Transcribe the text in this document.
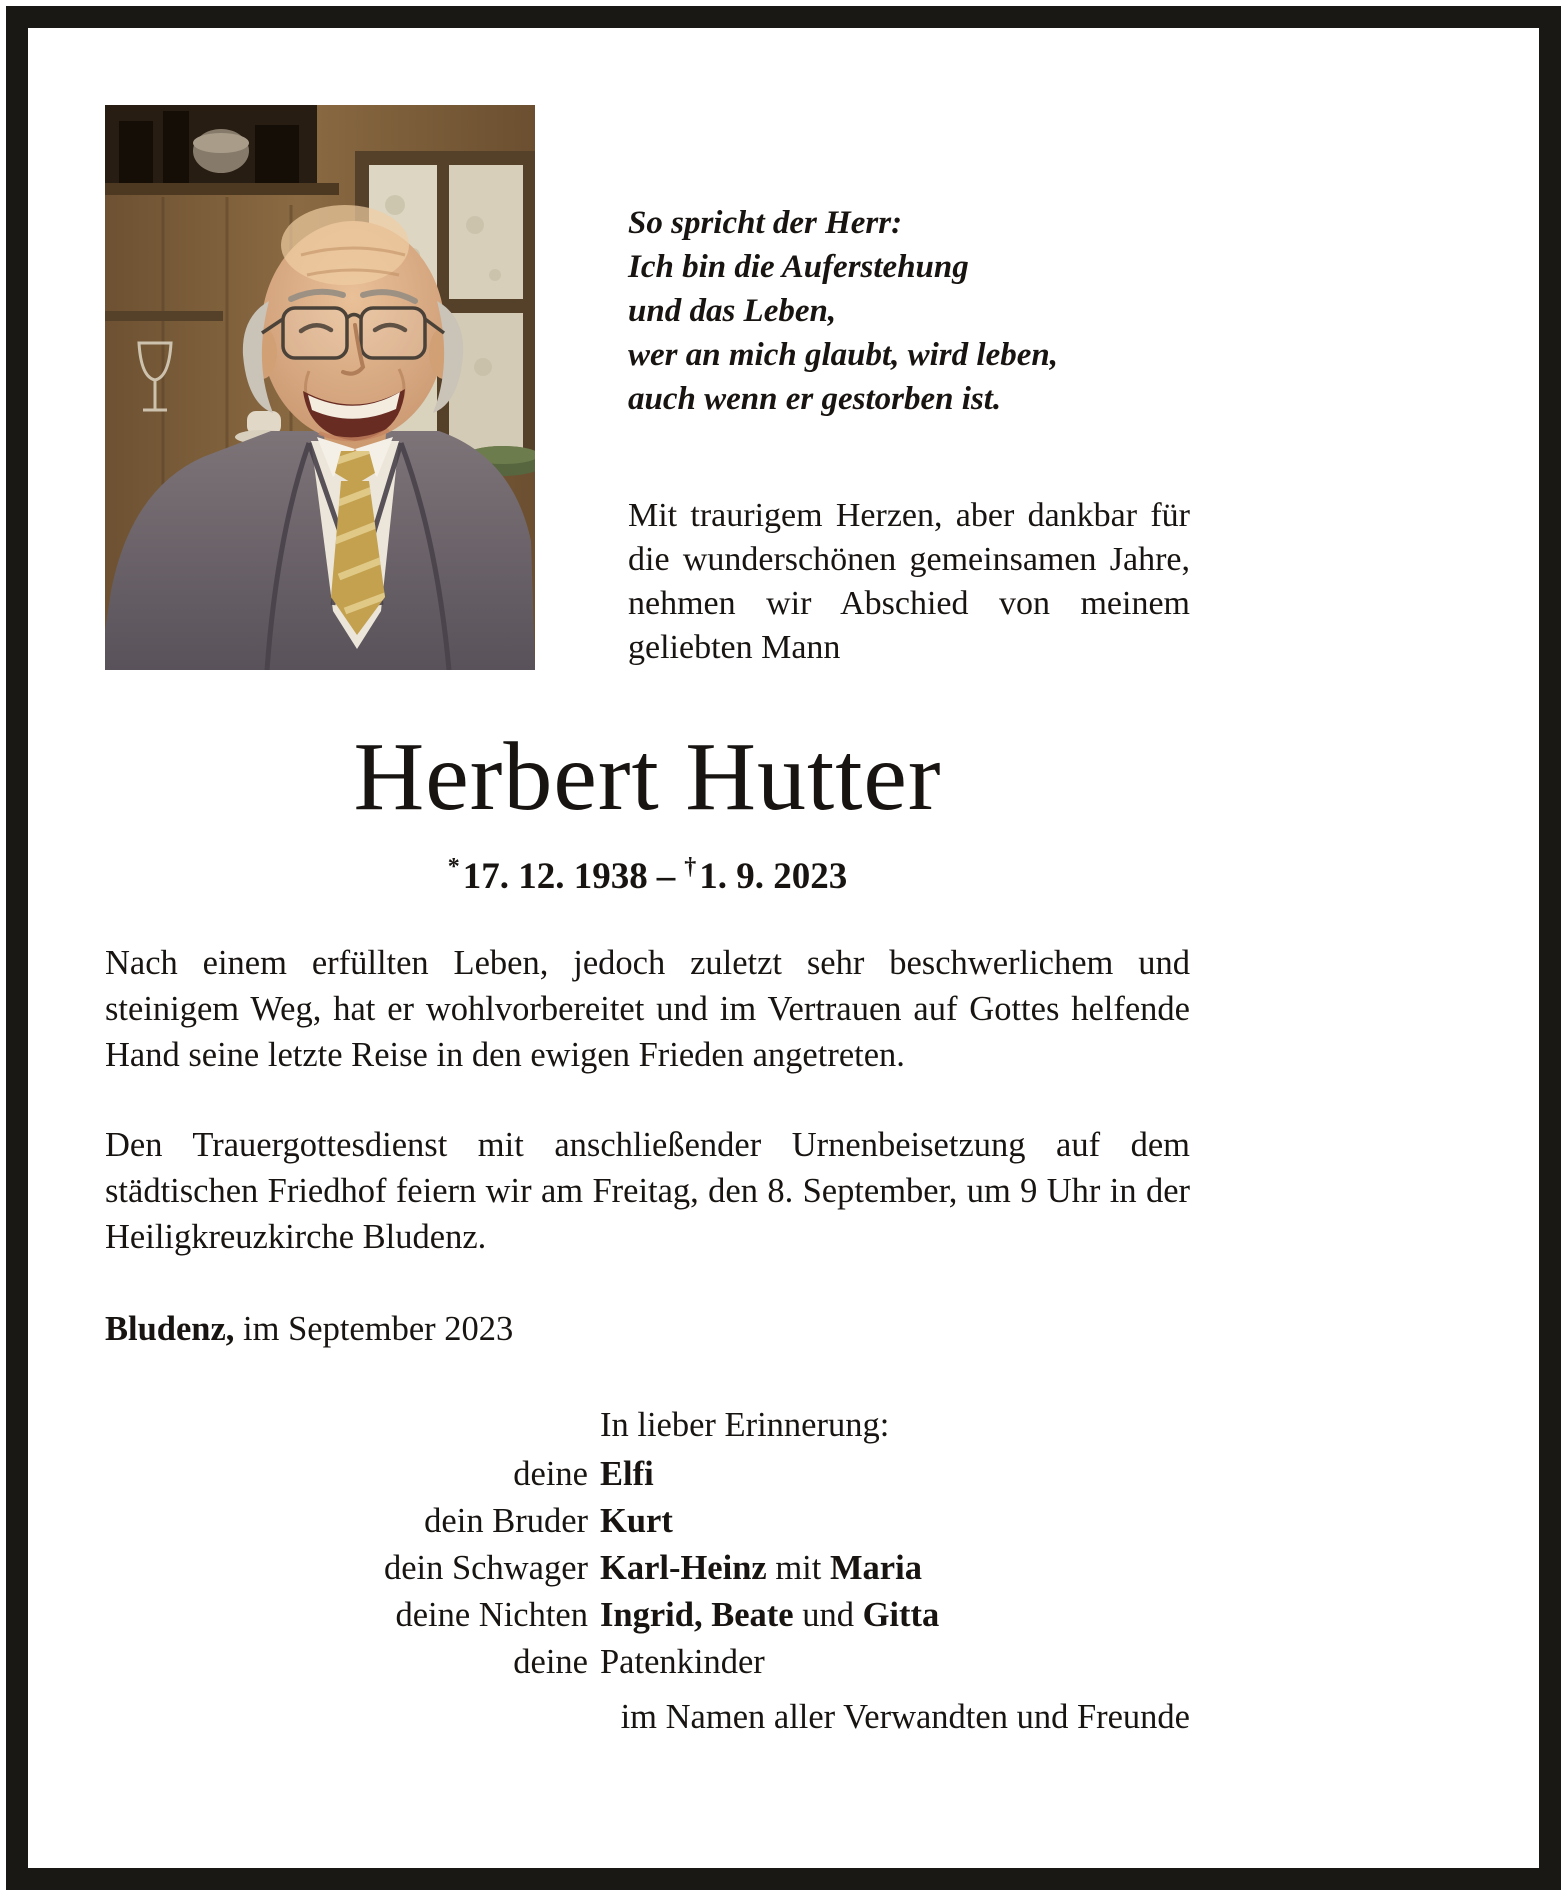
So spricht der Herr:
Ich bin die Auferstehung
und das Leben,
wer an mich glaubt, wird leben,
auch wenn er gestorben ist.
Mit traurigem Herzen, aber dankbar für die wunderschönen gemeinsamen Jahre, nehmen wir Abschied von meinem geliebten Mann
Herbert Hutter
*17. 12. 1938 – †1. 9. 2023
Nach einem erfüllten Leben, jedoch zuletzt sehr beschwerlichem und steinigem Weg, hat er wohlvorbereitet und im Vertrauen auf Gottes helfende Hand seine letzte Reise in den ewigen Frieden angetreten.
Den Trauergottesdienst mit anschließender Urnenbeisetzung auf dem städtischen Friedhof feiern wir am Freitag, den 8. September, um 9 Uhr in der Heiligkreuzkirche Bludenz.
Bludenz, im September 2023
In lieber Erinnerung:
deine Elfi
dein Bruder Kurt
dein Schwager Karl-Heinz mit Maria
deine Nichten Ingrid, Beate und Gitta
deine Patenkinder
im Namen aller Verwandten und Freunde
